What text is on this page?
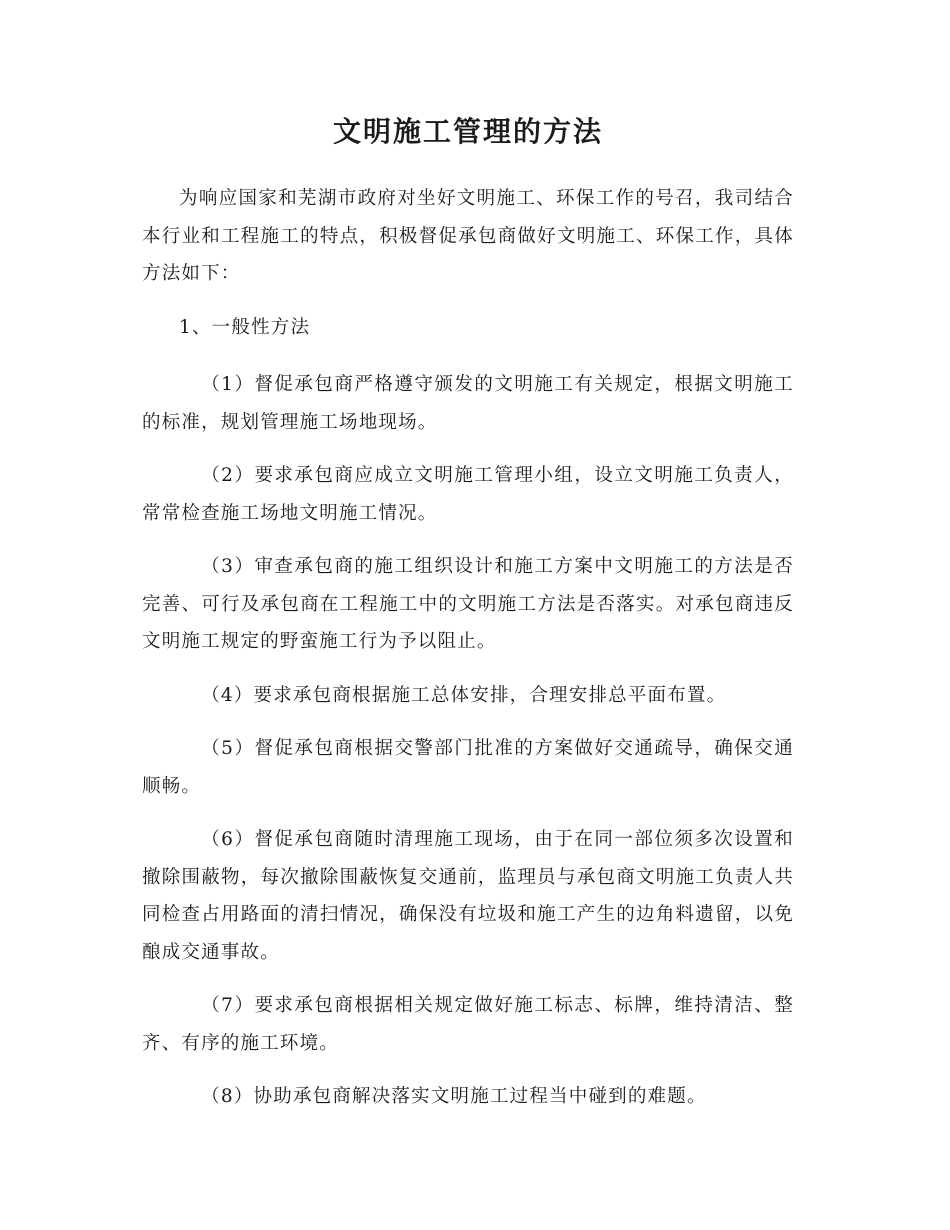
文明施工管理的方法

为响应国家和芜湖市政府对坐好文明施工、环保工作的号召，我司结合本行业和工程施工的特点，积极督促承包商做好文明施工、环保工作，具体方法如下：

1、一般性方法

（1）督促承包商严格遵守颁发的文明施工有关规定，根据文明施工的标准，规划管理施工场地现场。

（2）要求承包商应成立文明施工管理小组，设立文明施工负责人，常常检查施工场地文明施工情况。

（3）审查承包商的施工组织设计和施工方案中文明施工的方法是否完善、可行及承包商在工程施工中的文明施工方法是否落实。对承包商违反文明施工规定的野蛮施工行为予以阻止。

（4）要求承包商根据施工总体安排，合理安排总平面布置。

（5）督促承包商根据交警部门批准的方案做好交通疏导，确保交通顺畅。

（6）督促承包商随时清理施工现场，由于在同一部位须多次设置和撤除围蔽物，每次撤除围蔽恢复交通前，监理员与承包商文明施工负责人共同检查占用路面的清扫情况，确保没有垃圾和施工产生的边角料遗留，以免酿成交通事故。

（7）要求承包商根据相关规定做好施工标志、标牌，维持清洁、整齐、有序的施工环境。

（8）协助承包商解决落实文明施工过程当中碰到的难题。
